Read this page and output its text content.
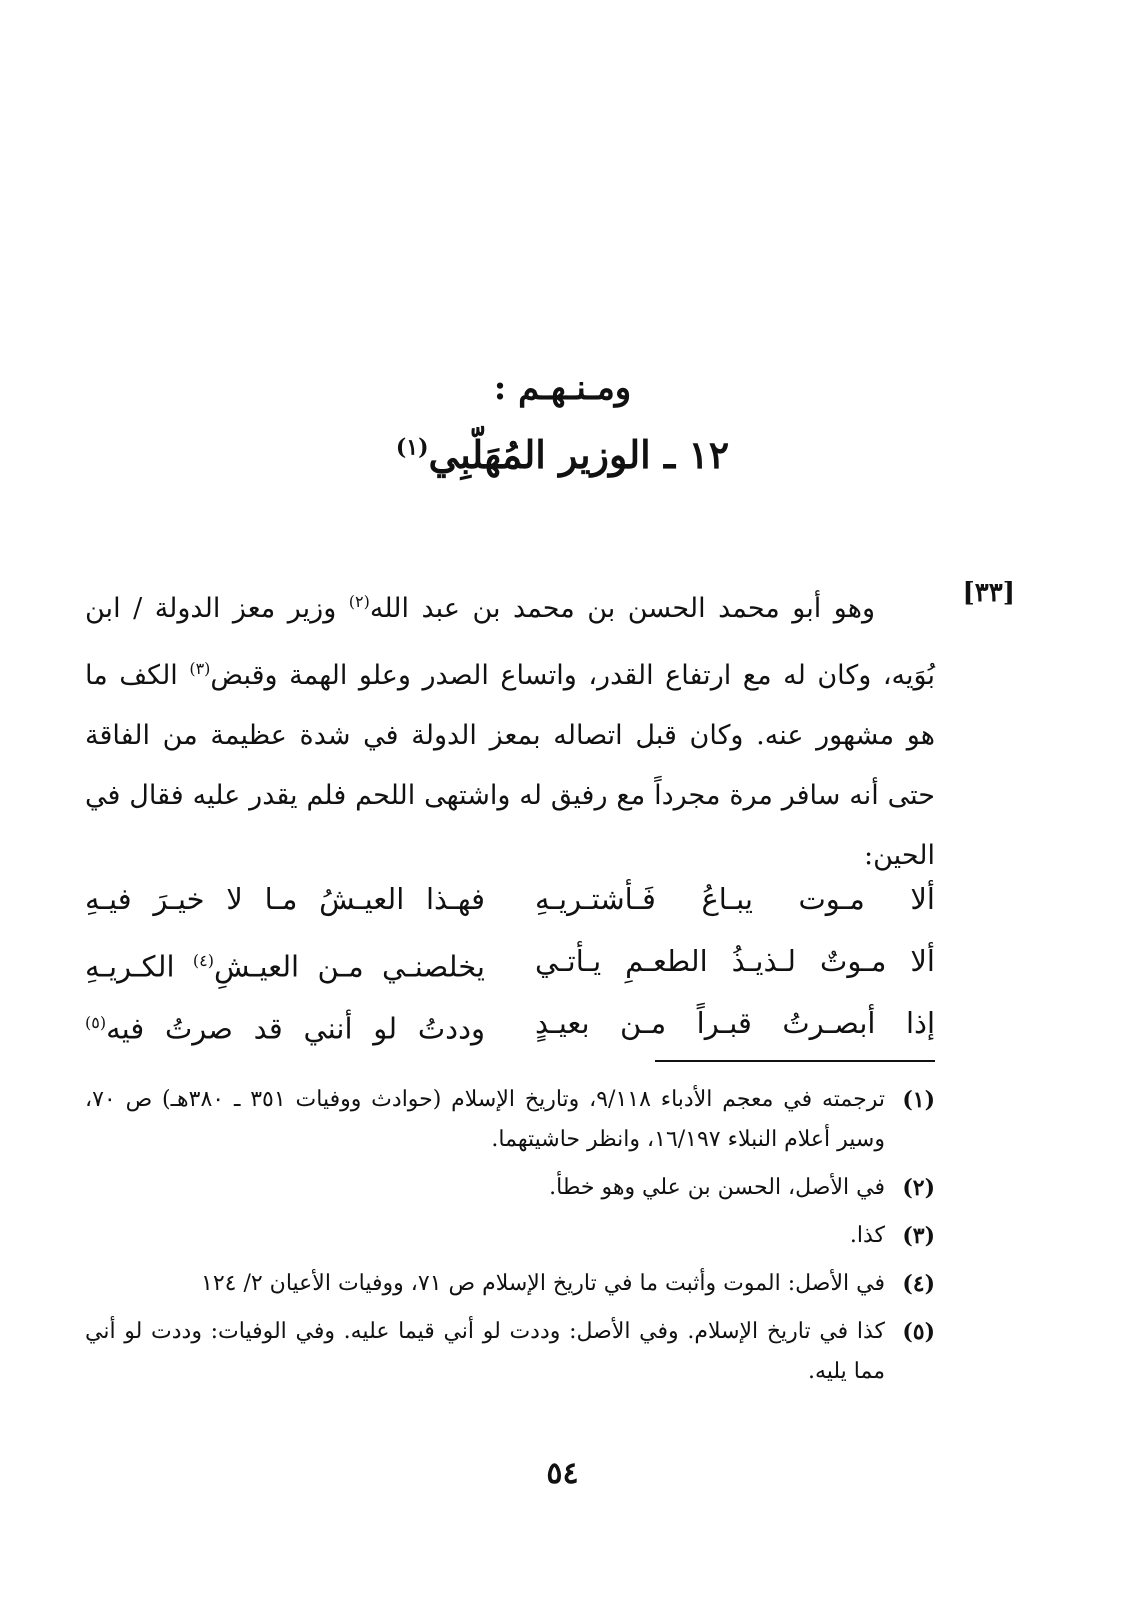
ومـنـهـم :
١٢ ـ الوزير المُهَلّبِي$^{(١)}$
[٣٣]

وهو أبو محمد الحسن بن محمد بن عبد الله$^{(٢)}$ وزير معز الدولة / ابن بُوَيه، وكان له مع ارتفاع القدر، واتساع الصدر وعلو الهمة وقبض$^{(٣)}$ الكف ما هو مشهور عنه. وكان قبل اتصاله بمعز الدولة في شدة عظيمة من الفاقة حتى أنه سافر مرة مجرداً مع رفيق له واشتهى اللحم فلم يقدر عليه فقال في الحين:

ألا مـوت يبـاعُ فَـأشتـريـهِ
فهـذا العيـشُ مـا لا خيـرَ فيـهِ
ألا مـوتٌ لـذيـذُ الطعـمِ يـأتـي
يخلصنـي مـن العيـشِ$^{(٤)}$ الكـريـهِ
إذا أبصـرتُ قبـراً مـن بعيـدٍ
وددتُ لو أنني قد صرتُ فيه$^{(٥)}$
(١)
ترجمته في معجم الأدباء ٩/١١٨، وتاريخ الإسلام (حوادث ووفيات ٣٥١ ـ ٣٨٠هـ) ص ٧٠، وسير أعلام النبلاء ١٦/١٩٧، وانظر حاشيتهما.
(٢)
في الأصل، الحسن بن علي وهو خطأ.
(٣)
كذا.
(٤)
في الأصل: الموت وأثبت ما في تاريخ الإسلام ص ٧١، ووفيات الأعيان ٢/ ١٢٤
(٥)
كذا في تاريخ الإسلام. وفي الأصل: وددت لو أني قيما عليه. وفي الوفيات: وددت لو أني مما يليه.
٥٤
